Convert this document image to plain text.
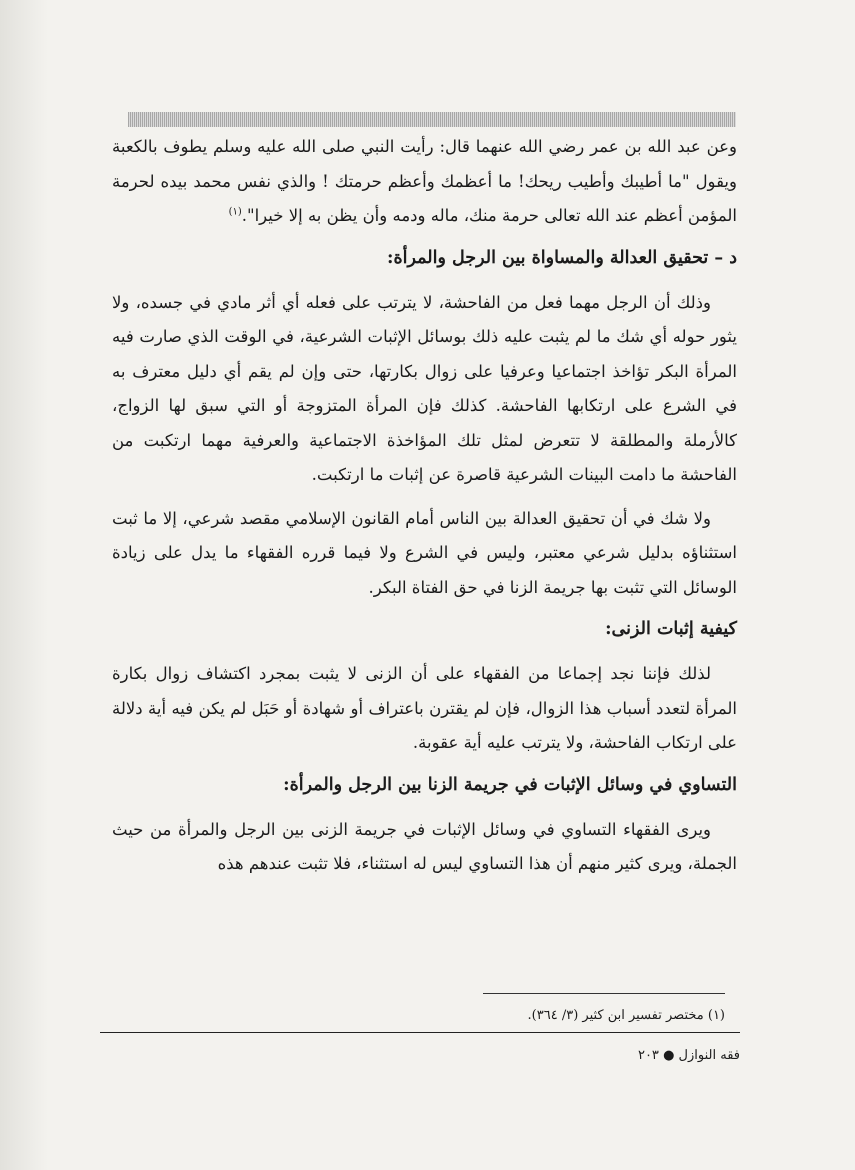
وعن عبد الله بن عمر رضي الله عنهما قال: رأيت النبي صلى الله عليه وسلم يطوف بالكعبة ويقول "ما أطيبك وأطيب ريحك! ما أعظمك وأعظم حرمتك ! والذي نفس محمد بيده لحرمة المؤمن أعظم عند الله تعالى حرمة منك، ماله ودمه وأن يظن به إلا خيرا".$^{(١)}$

د – تحقيق العدالة والمساواة بين الرجل والمرأة:

وذلك أن الرجل مهما فعل من الفاحشة، لا يترتب على فعله أي أثر مادي في جسده، ولا يثور حوله أي شك ما لم يثبت عليه ذلك بوسائل الإثبات الشرعية، في الوقت الذي صارت فيه المرأة البكر تؤاخذ اجتماعيا وعرفيا على زوال بكارتها، حتى وإن لم يقم أي دليل معترف به في الشرع على ارتكابها الفاحشة. كذلك فإن المرأة المتزوجة أو التي سبق لها الزواج، كالأرملة والمطلقة لا تتعرض لمثل تلك المؤاخذة الاجتماعية والعرفية مهما ارتكبت من الفاحشة ما دامت البينات الشرعية قاصرة عن إثبات ما ارتكبت.

ولا شك في أن تحقيق العدالة بين الناس أمام القانون الإسلامي مقصد شرعي، إلا ما ثبت استثناؤه بدليل شرعي معتبر، وليس في الشرع ولا فيما قرره الفقهاء ما يدل على زيادة الوسائل التي تثبت بها جريمة الزنا في حق الفتاة البكر.

كيفية إثبات الزنى:

لذلك فإننا نجد إجماعا من الفقهاء على أن الزنى لا يثبت بمجرد اكتشاف زوال بكارة المرأة لتعدد أسباب هذا الزوال، فإن لم يقترن باعتراف أو شهادة أو حَبَل لم يكن فيه أية دلالة على ارتكاب الفاحشة، ولا يترتب عليه أية عقوبة.

التساوي في وسائل الإثبات في جريمة الزنا بين الرجل والمرأة:

ويرى الفقهاء التساوي في وسائل الإثبات في جريمة الزنى بين الرجل والمرأة من حيث الجملة، ويرى كثير منهم أن هذا التساوي ليس له استثناء، فلا تثبت عندهم هذه

(١) مختصر تفسير ابن كثير (٣/ ٣٦٤).
فقه النوازل ● ٢٠٣
